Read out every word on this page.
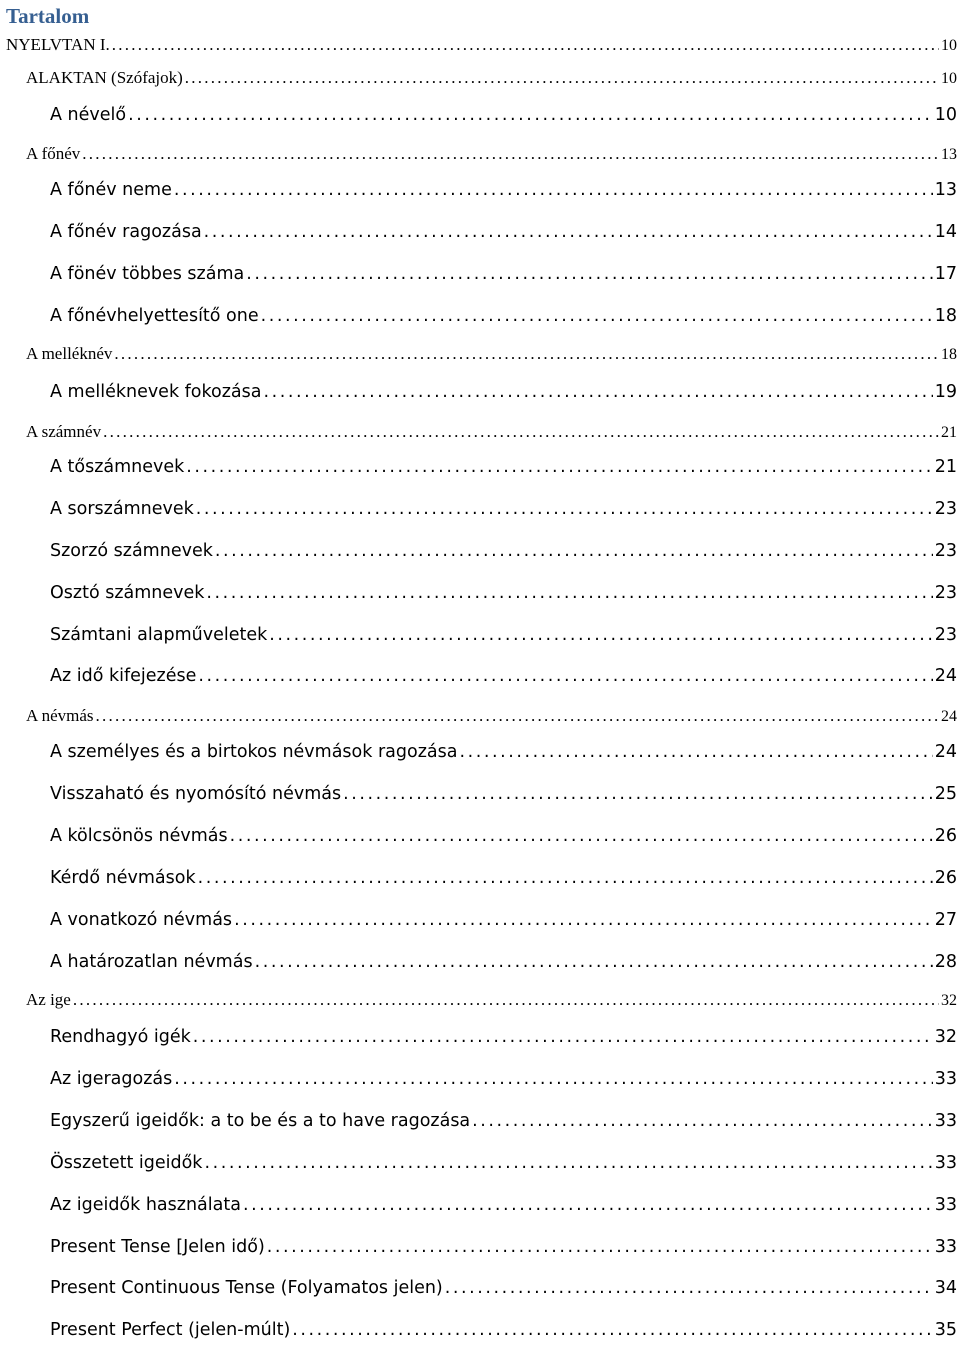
Tartalom
NYELVTAN I. . . .	10
ALAKTAN (Szófajok) . . .	10
A névelő . . .	10
A főnév . . .	13
A főnév neme . . .	13
A főnév ragozása . . .	14
A fönév többes száma . . .	17
A főnévhelyettesítő one . . .	18
A melléknév . . .	18
A melléknevek fokozása . . .	19
A számnév . . .	21
A tőszámnevek . . .	21
A sorszámnevek . . .	23
Szorzó számnevek . . .	23
Osztó számnevek . . .	23
Számtani alapműveletek . . .	23
Az idő kifejezése . . .	24
A névmás . . .	24
A személyes és a birtokos névmások ragozása . . .	24
Visszaható és nyomósító névmás . . .	25
A kölcsönös névmás . . .	26
Kérdő névmások . . .	26
A vonatkozó névmás . . .	27
A határozatlan névmás . . .	28
Az ige . . .	32
Rendhagyó igék . . .	32
Az igeragozás . . .	33
Egyszerű igeidők: a to be és a to have ragozása . . .	33
Összetett igeidők . . .	33
Az igeidők használata . . .	33
Present Tense [Jelen idő) . . .	33
Present Continuous Tense (Folyamatos jelen) . . .	34
Present Perfect (jelen-múlt) . . .	35
